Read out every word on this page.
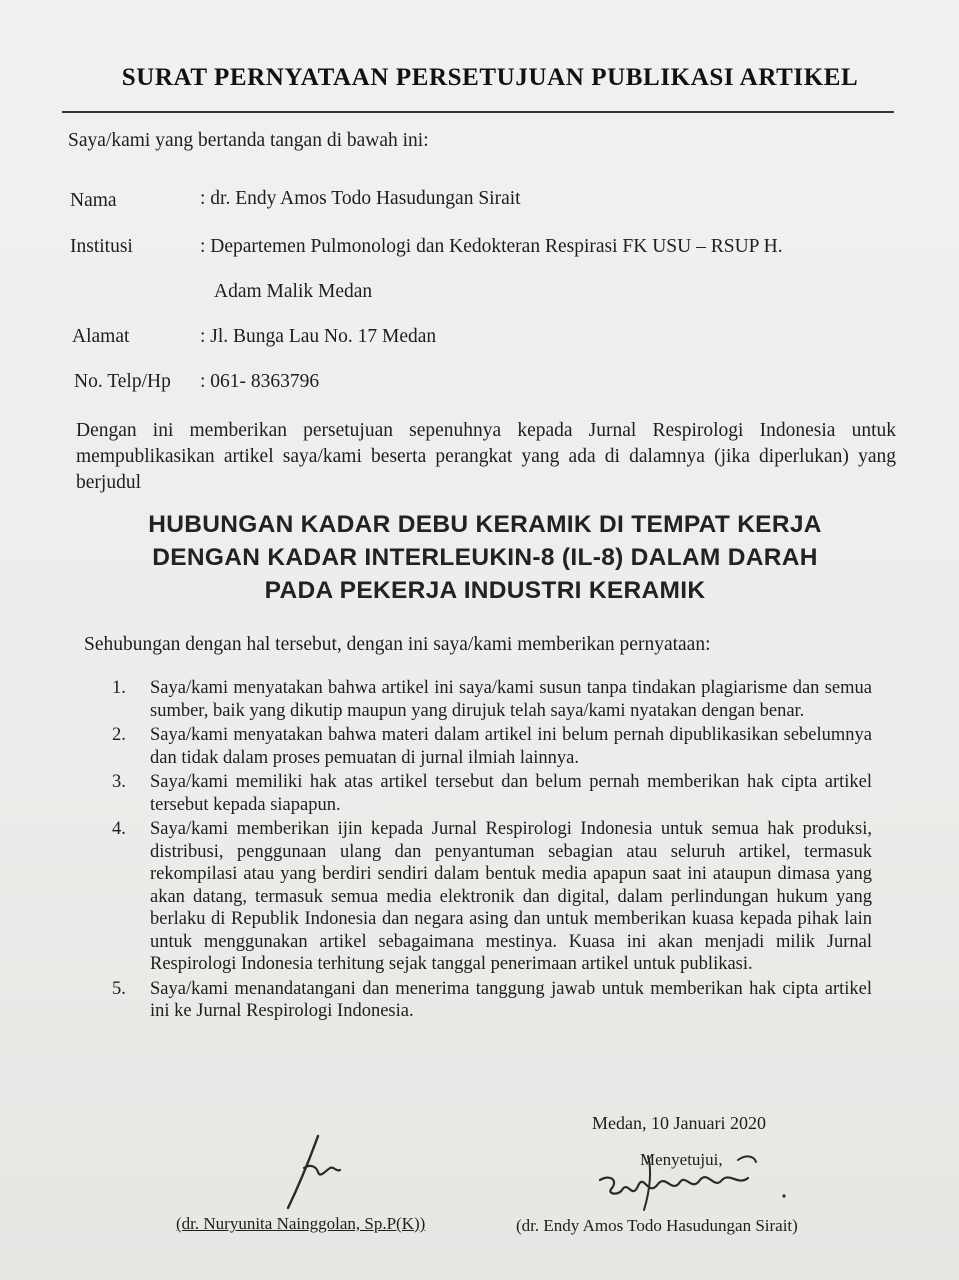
SURAT PERNYATAAN PERSETUJUAN PUBLIKASI ARTIKEL
Saya/kami yang bertanda tangan di bawah ini:
Nama	: dr. Endy Amos Todo Hasudungan Sirait
Institusi	: Departemen Pulmonologi dan Kedokteran Respirasi FK USU – RSUP H.
Adam Malik Medan
Alamat	: Jl. Bunga Lau No. 17 Medan
No. Telp/Hp : 061- 8363796
Dengan ini memberikan persetujuan sepenuhnya kepada Jurnal Respirologi Indonesia untuk mempublikasikan artikel saya/kami beserta perangkat yang ada di dalamnya (jika diperlukan) yang berjudul
HUBUNGAN KADAR DEBU KERAMIK DI TEMPAT KERJA
DENGAN KADAR INTERLEUKIN-8 (IL-8) DALAM DARAH
PADA PEKERJA INDUSTRI KERAMIK
Sehubungan dengan hal tersebut, dengan ini saya/kami memberikan pernyataan:
1.	Saya/kami menyatakan bahwa artikel ini saya/kami susun tanpa tindakan plagiarisme dan semua sumber, baik yang dikutip maupun yang dirujuk telah saya/kami nyatakan dengan benar.
2.	Saya/kami menyatakan bahwa materi dalam artikel ini belum pernah dipublikasikan sebelumnya dan tidak dalam proses pemuatan di jurnal ilmiah lainnya.
3.	Saya/kami memiliki hak atas artikel tersebut dan belum pernah memberikan hak cipta artikel tersebut kepada siapapun.
4.	Saya/kami memberikan ijin kepada Jurnal Respirologi Indonesia untuk semua hak produksi, distribusi, penggunaan ulang dan penyantuman sebagian atau seluruh artikel, termasuk rekompilasi atau yang berdiri sendiri dalam bentuk media apapun saat ini ataupun dimasa yang akan datang, termasuk semua media elektronik dan digital, dalam perlindungan hukum yang berlaku di Republik Indonesia dan negara asing dan untuk memberikan kuasa kepada pihak lain untuk menggunakan artikel sebagaimana mestinya. Kuasa ini akan menjadi milik Jurnal Respirologi Indonesia terhitung sejak tanggal penerimaan artikel untuk publikasi.
5.	Saya/kami menandatangani dan menerima tanggung jawab untuk memberikan hak cipta artikel ini ke Jurnal Respirologi Indonesia.
Medan, 10 Januari 2020
Menyetujui,
(dr. Nuryunita Nainggolan, Sp.P(K))	(dr. Endy Amos Todo Hasudungan Sirait)
